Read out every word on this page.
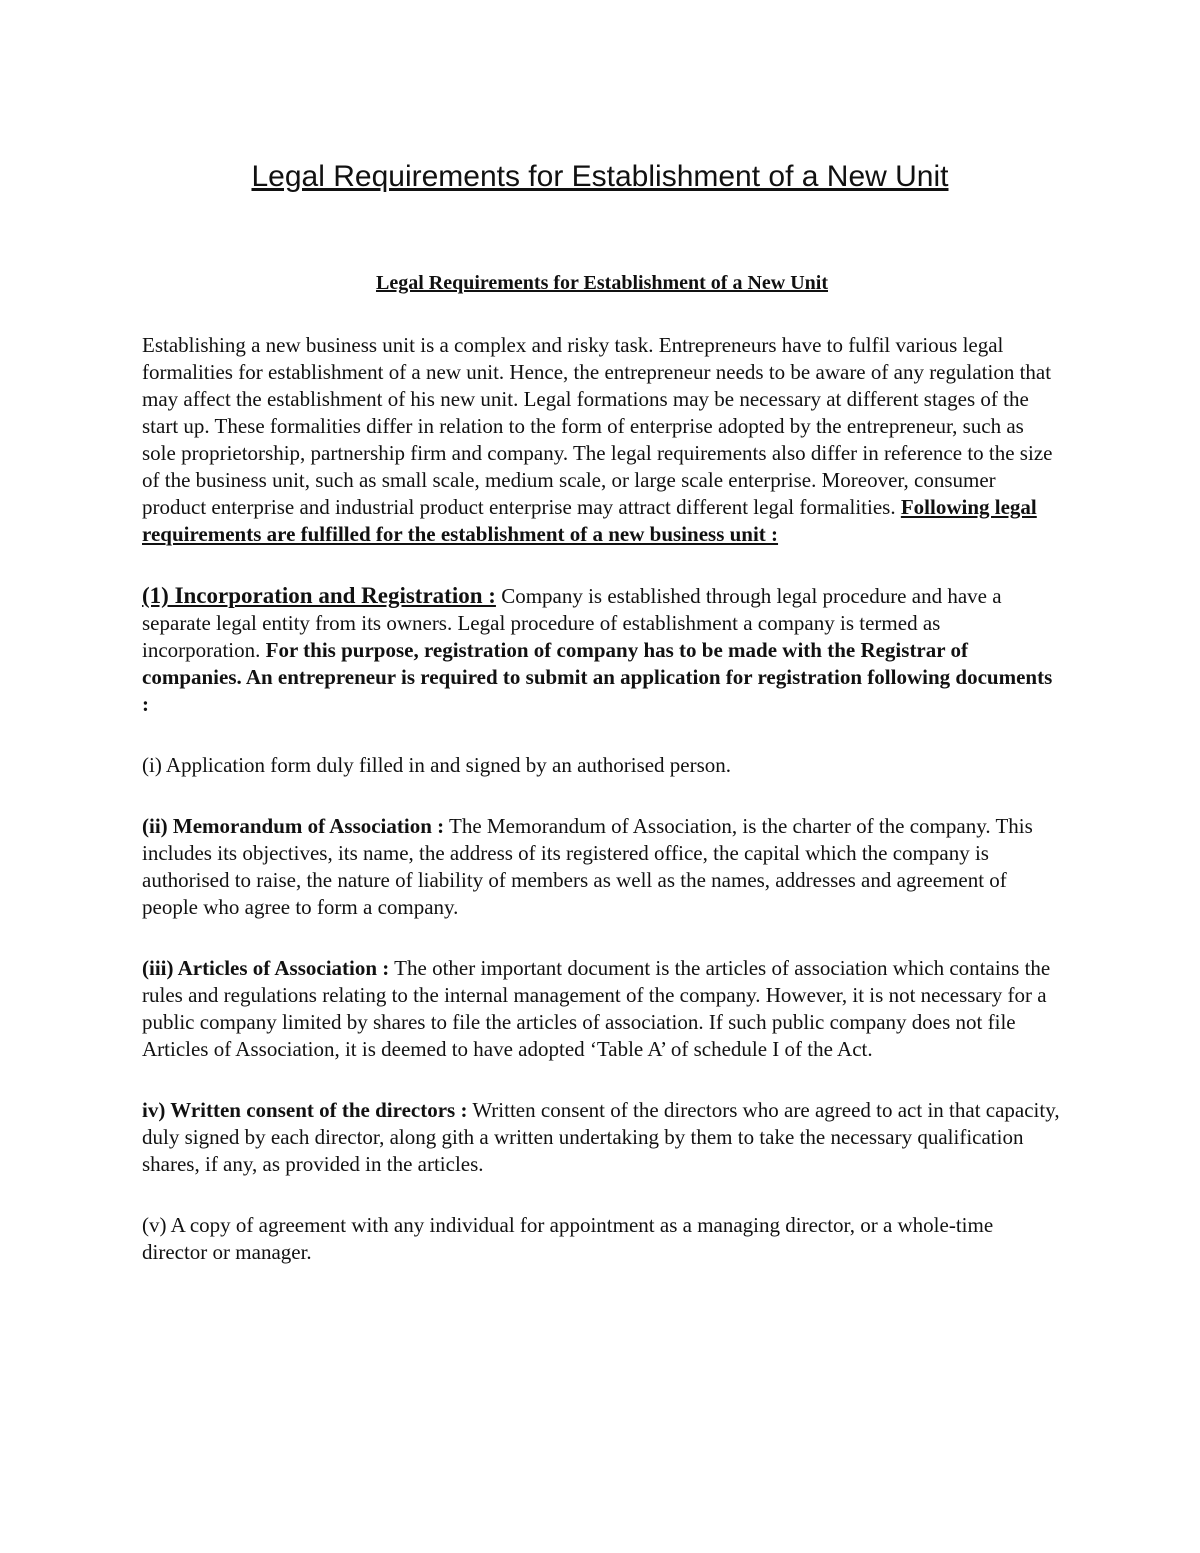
Legal Requirements for Establishment of a New Unit

Legal Requirements for Establishment of a New Unit

Establishing a new business unit is a complex and risky task. Entrepreneurs have to fulfil various legal formalities for establishment of a new unit. Hence, the entrepreneur needs to be aware of any regulation that may affect the establishment of his new unit. Legal formations may be necessary at different stages of the start up. These formalities differ in relation to the form of enterprise adopted by the entrepreneur, such as sole proprietorship, partnership firm and company. The legal requirements also differ in reference to the size of the business unit, such as small scale, medium scale, or large scale enterprise. Moreover, consumer product enterprise and industrial product enterprise may attract different legal formalities. Following legal requirements are fulfilled for the establishment of a new business unit :

(1) Incorporation and Registration : Company is established through legal procedure and have a separate legal entity from its owners. Legal procedure of establishment a company is termed as incorporation. For this purpose, registration of company has to be made with the Registrar of companies. An entrepreneur is required to submit an application for registration following documents :

(i) Application form duly filled in and signed by an authorised person.

(ii) Memorandum of Association : The Memorandum of Association, is the charter of the company. This includes its objectives, its name, the address of its registered office, the capital which the company is authorised to raise, the nature of liability of members as well as the names, addresses and agreement of people who agree to form a company.

(iii) Articles of Association : The other important document is the articles of association which contains the rules and regulations relating to the internal management of the company. However, it is not necessary for a public company limited by shares to file the articles of association. If such public company does not file Articles of Association, it is deemed to have adopted ‘Table A’ of schedule I of the Act.

iv) Written consent of the directors : Written consent of the directors who are agreed to act in that capacity, duly signed by each director, along gith a written undertaking by them to take the necessary qualification shares, if any, as provided in the articles.

(v) A copy of agreement with any individual for appointment as a managing director, or a whole-time director or manager.
